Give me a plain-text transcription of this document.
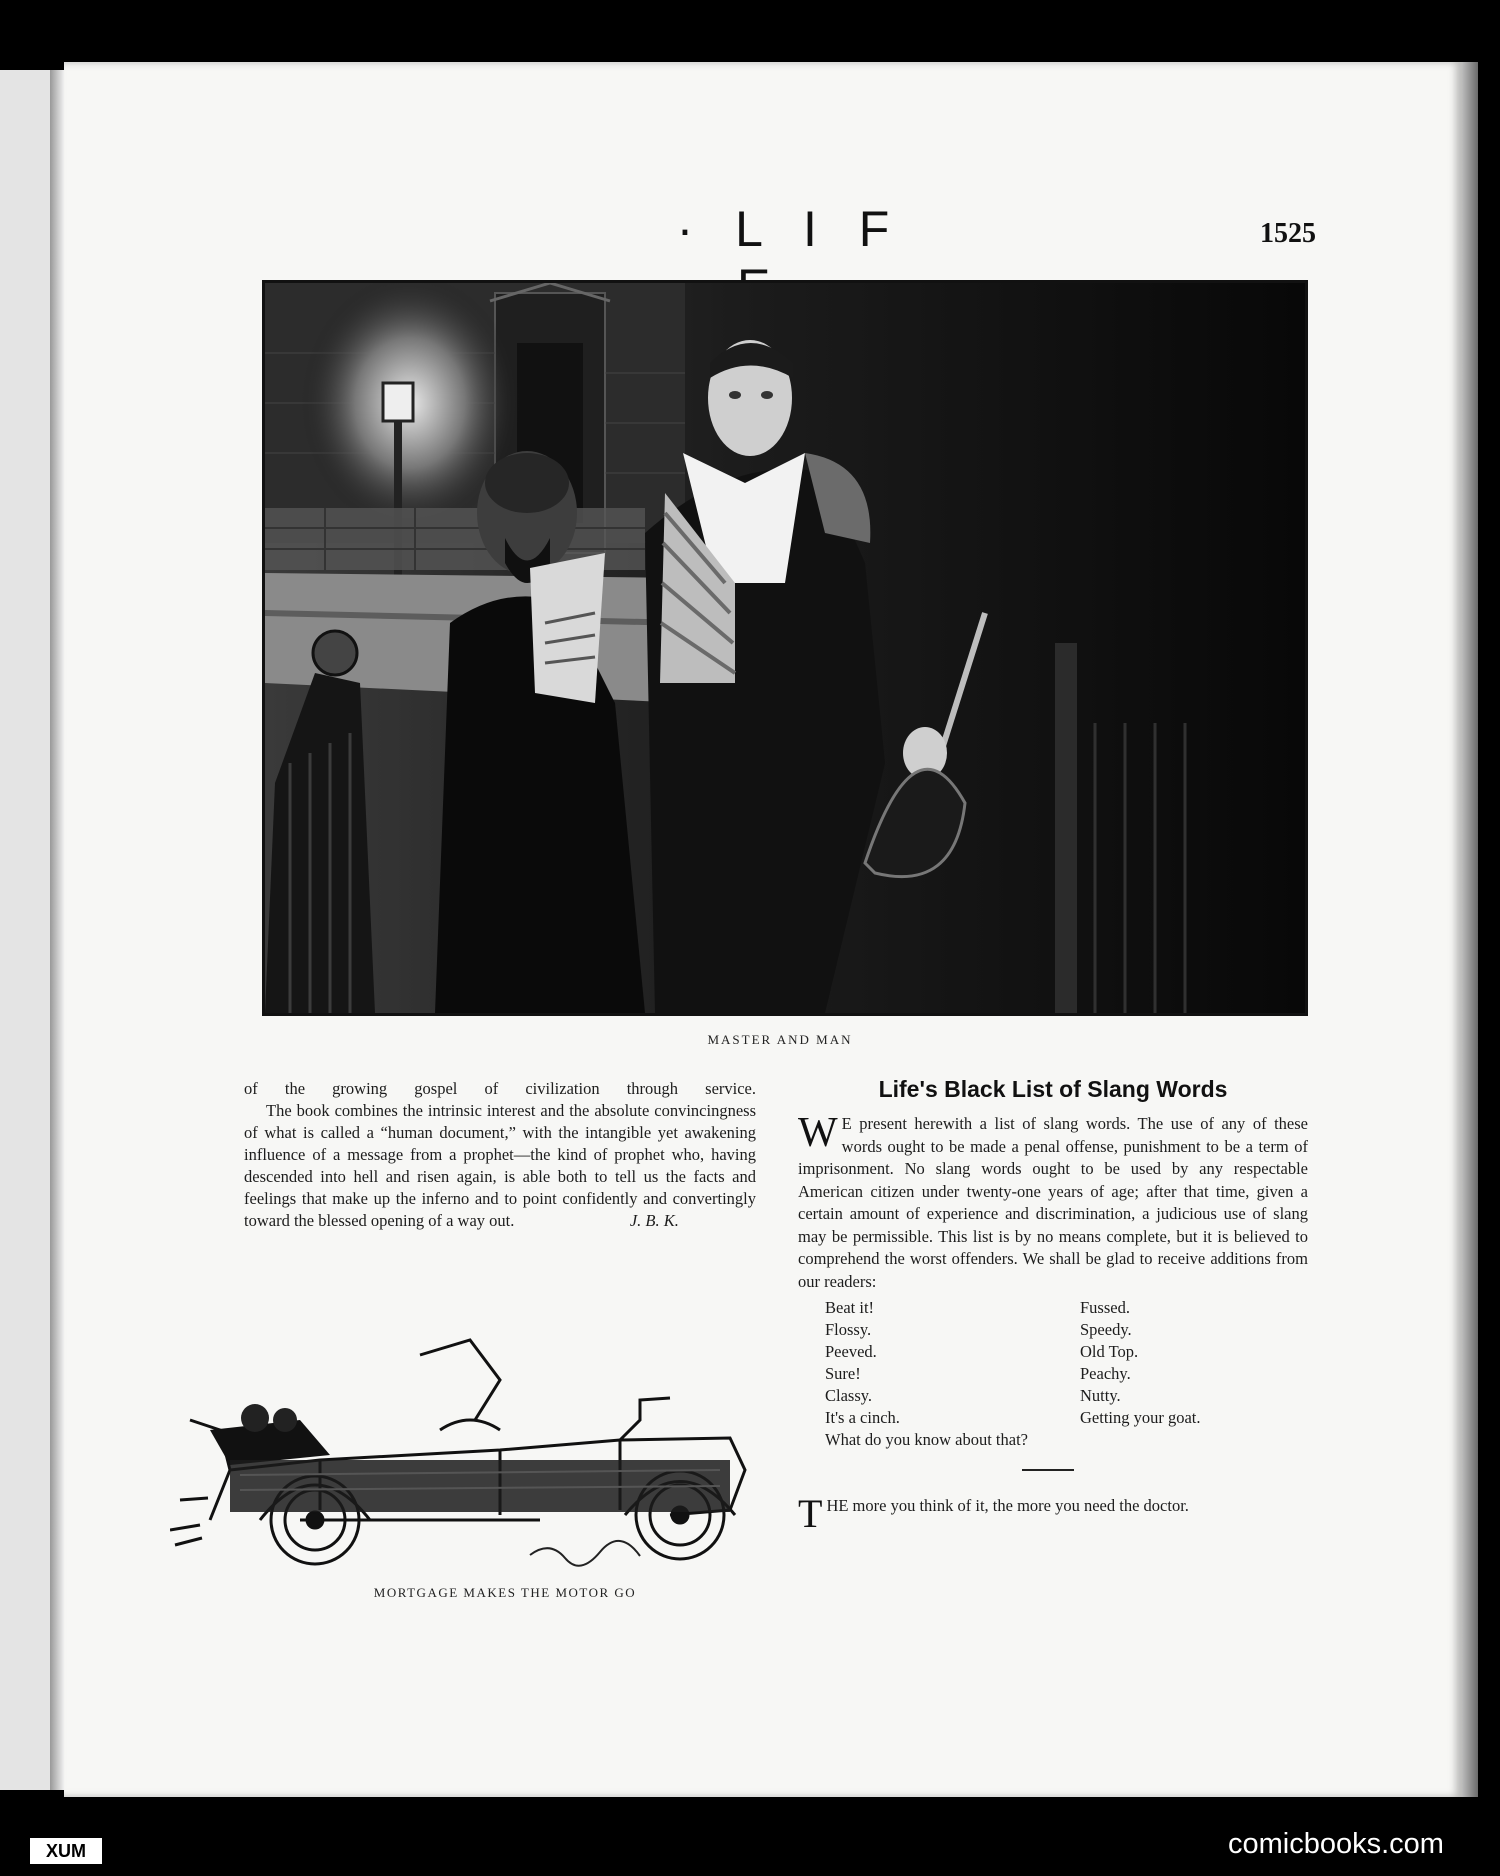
· L I F	1525
MASTER AND MAN

of the growing gospel of civilization through service.

The book combines the intrinsic interest and the absolute convincingness of what is called a “human document,” with the intangible yet awakening influence of a message from a prophet—the kind of prophet who, having descended into hell and risen again, is able both to tell us the facts and feelings that make up the inferno and to point confidently and convertingly toward the blessed opening of a way out.	J. B. K.

MORTGAGE MAKES THE MOTOR GO
Life's Black List of Slang Words

W E present herewith a list of slang words. The use of any of these words ought to be made a penal offense, punishment to be a term of imprisonment. No slang words ought to be used by any respectable American citizen under twenty-one years of age; after that time, given a certain amount of experience and discrimination, a judicious use of slang may be permissible. This list is by no means complete, but it is believed to comprehend the worst offenders. We shall be glad to receive additions from our readers:

Beat it!	Fussed.
Flossy.	Speedy.
Peeved.	Old Top.
Sure!	Peachy.
Classy.	Nutty.
It's a cinch.	Getting your goat.
What do you know about that?

THE more you think of it, the more you need the doctor.

XUM	comicbooks.com
